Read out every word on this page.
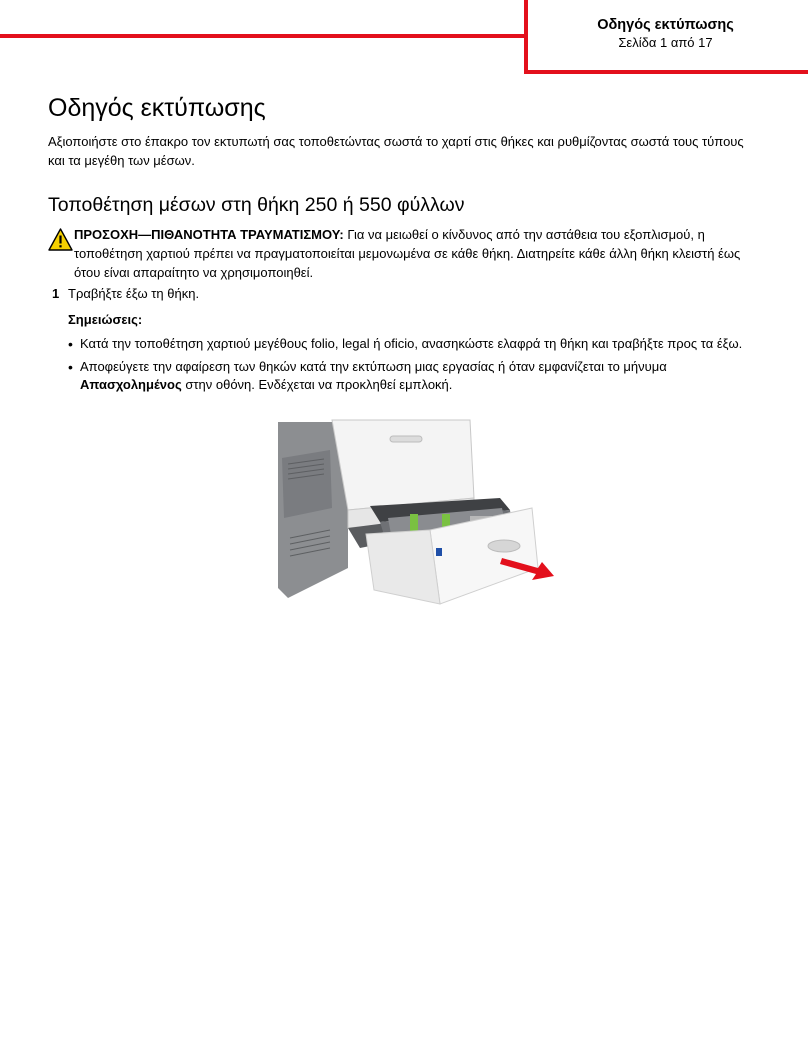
Οδηγός εκτύπωσης
Σελίδα 1 από 17
Οδηγός εκτύπωσης

Αξιοποιήστε στο έπακρο τον εκτυπωτή σας τοποθετώντας σωστά το χαρτί στις θήκες και ρυθμίζοντας σωστά τους τύπους και τα μεγέθη των μέσων.

Τοποθέτηση μέσων στη θήκη 250 ή 550 φύλλων
ΠΡΟΣΟΧΗ—ΠΙΘΑΝΟΤΗΤΑ ΤΡΑΥΜΑΤΙΣΜΟΥ: Για να μειωθεί ο κίνδυνος από την αστάθεια του εξοπλισμού, η τοποθέτηση χαρτιού πρέπει να πραγματοποιείται μεμονωμένα σε κάθε θήκη. Διατηρείτε κάθε άλλη θήκη κλειστή έως ότου είναι απαραίτητο να χρησιμοποιηθεί.
1 Τραβήξτε έξω τη θήκη.
Σημειώσεις:
• Κατά την τοποθέτηση χαρτιού μεγέθους folio, legal ή oficio, ανασηκώστε ελαφρά τη θήκη και τραβήξτε προς τα έξω.
• Αποφεύγετε την αφαίρεση των θηκών κατά την εκτύπωση μιας εργασίας ή όταν εμφανίζεται το μήνυμα Απασχολημένος στην οθόνη. Ενδέχεται να προκληθεί εμπλοκή.
